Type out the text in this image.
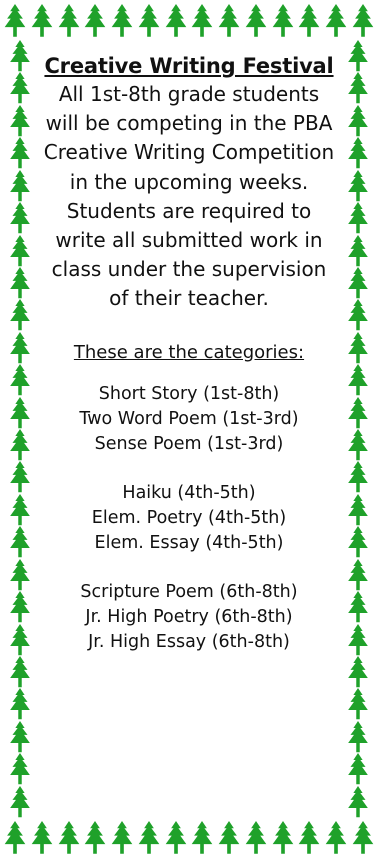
Creative Writing Festival

All 1st-8th grade students will be competing in the PBA Creative Writing Competition in the upcoming weeks. Students are required to write all submitted work in class under the supervision of their teacher.

These are the categories:
Short Story (1st-8th)
Two Word Poem (1st-3rd)
Sense Poem (1st-3rd)
Haiku (4th-5th)
Elem. Poetry (4th-5th)
Elem. Essay (4th-5th)
Scripture Poem (6th-8th)
Jr. High Poetry (6th-8th)
Jr. High Essay (6th-8th)
